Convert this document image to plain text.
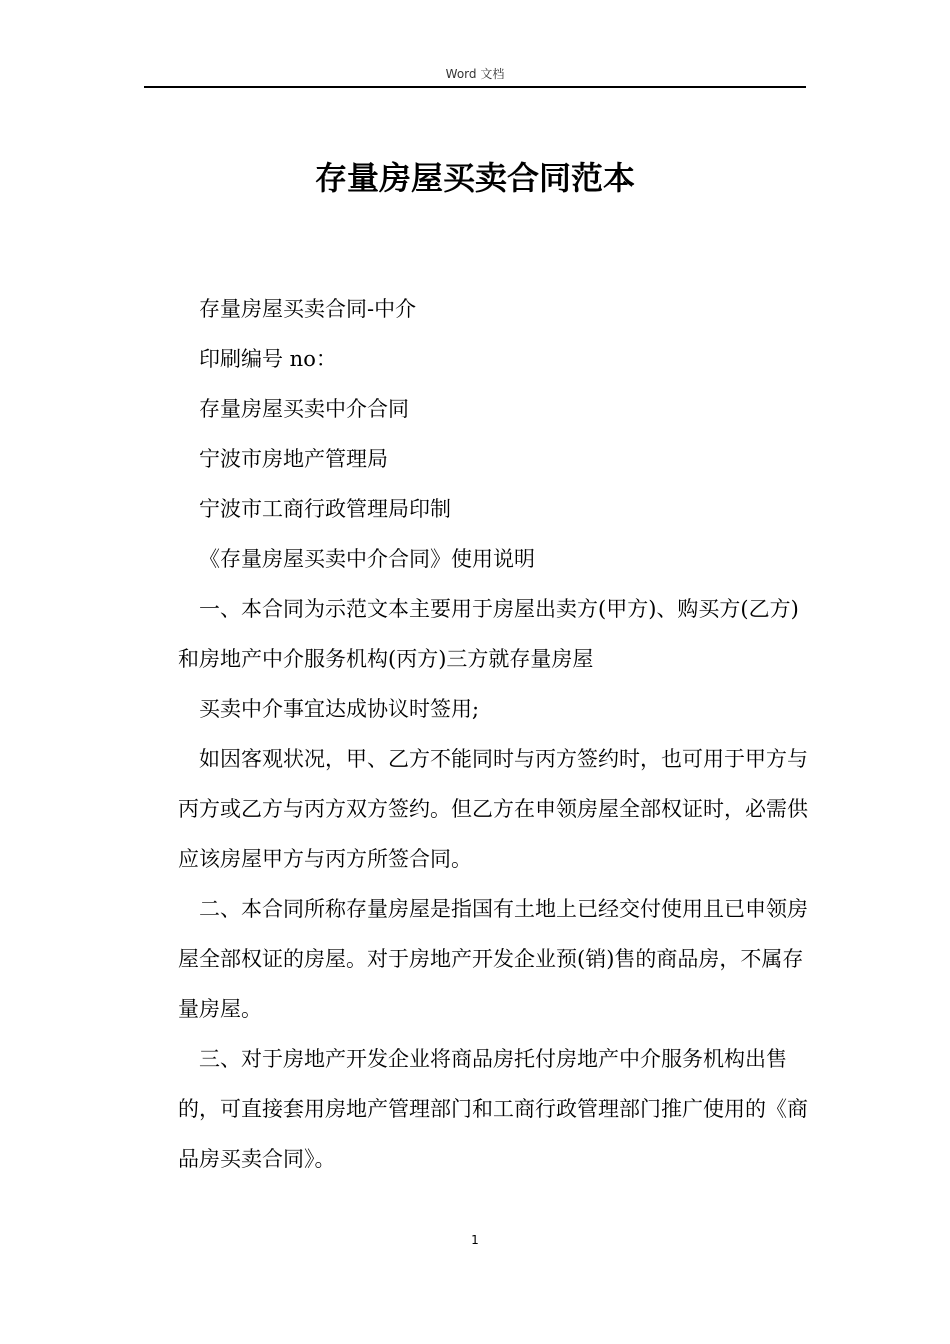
Word 文档
存量房屋买卖合同范本

存量房屋买卖合同-中介

印刷编号 no：

存量房屋买卖中介合同

宁波市房地产管理局

宁波市工商行政管理局印制

《存量房屋买卖中介合同》使用说明

一、本合同为示范文本主要用于房屋出卖方(甲方)、购买方(乙方)和房地产中介服务机构(丙方)三方就存量房屋

买卖中介事宜达成协议时签用;

如因客观状况，甲、乙方不能同时与丙方签约时，也可用于甲方与丙方或乙方与丙方双方签约。但乙方在申领房屋全部权证时，必需供应该房屋甲方与丙方所签合同。

二、本合同所称存量房屋是指国有土地上已经交付使用且已申领房屋全部权证的房屋。对于房地产开发企业预(销)售的商品房，不属存量房屋。

三、对于房地产开发企业将商品房托付房地产中介服务机构出售的，可直接套用房地产管理部门和工商行政管理部门推广使用的《商品房买卖合同》。

1
